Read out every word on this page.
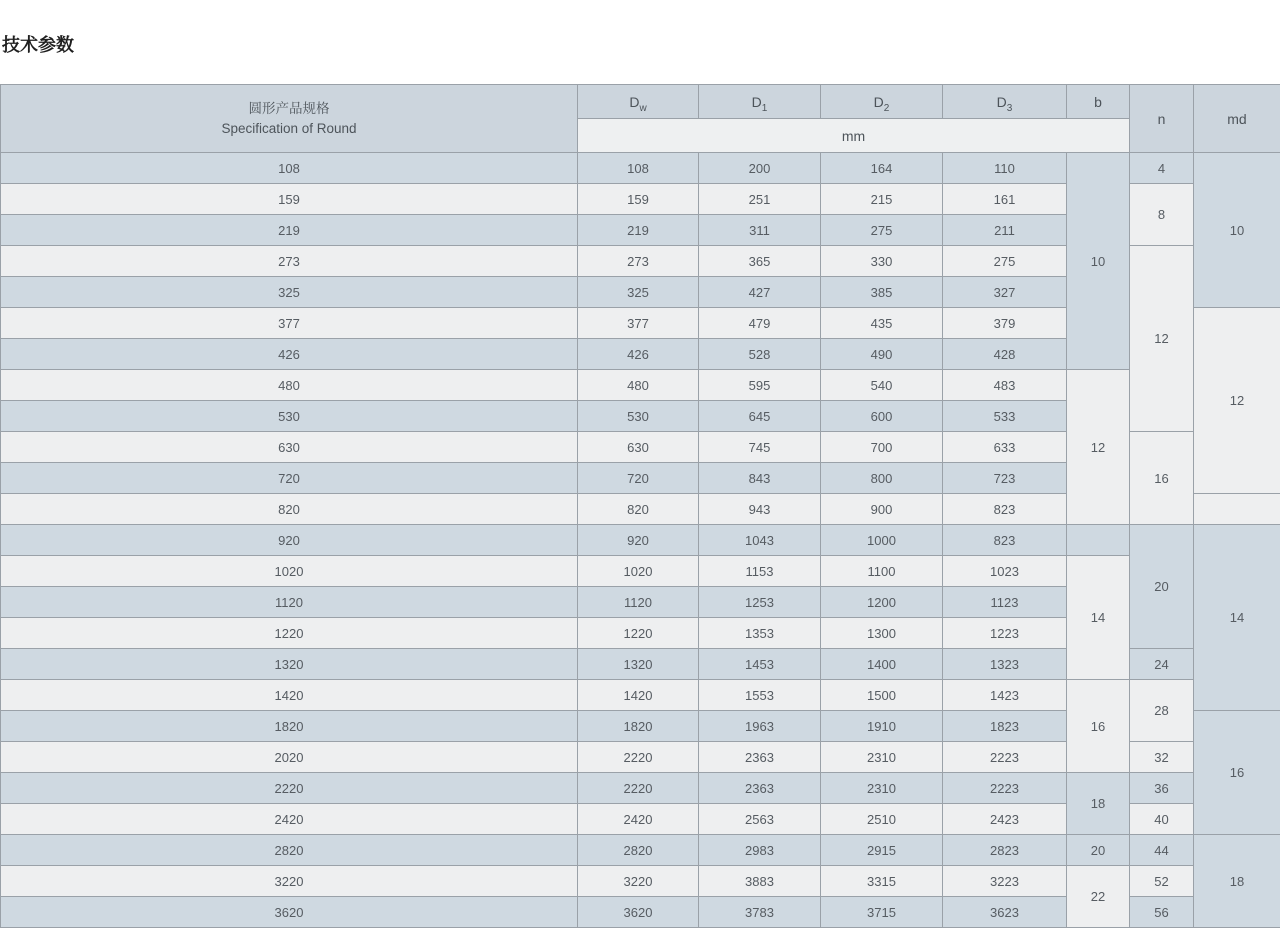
技术参数
圆形产品规格
Specification of Round	$D_w$	$D_1$	$D_2$	$D_3$	b	n	md
	mm						
108	108	200	164	110	10	4	10
159	159	251	215	161		8	
219	219	311	275	211			
273	273	365	330	275		12	
325	325	427	385	327			
377	377	479	435	379			12
426	426	528	490	428			
480	480	595	540	483	12		
530	530	645	600	533			
630	630	745	700	633		16	
720	720	843	800	723			
820	820	943	900	823			
920	920	1043	1000	823		20	14
1020	1020	1153	1100	1023	14		
1120	1120	1253	1200	1123			
1220	1220	1353	1300	1223			
1320	1320	1453	1400	1323		24	
1420	1420	1553	1500	1423	16	28	
1820	1820	1963	1910	1823			16
2020	2220	2363	2310	2223		32	
2220	2220	2363	2310	2223	18	36	
2420	2420	2563	2510	2423		40	
2820	2820	2983	2915	2823	20	44	18
3220	3220	3883	3315	3223	22	52	
3620	3620	3783	3715	3623		56	
